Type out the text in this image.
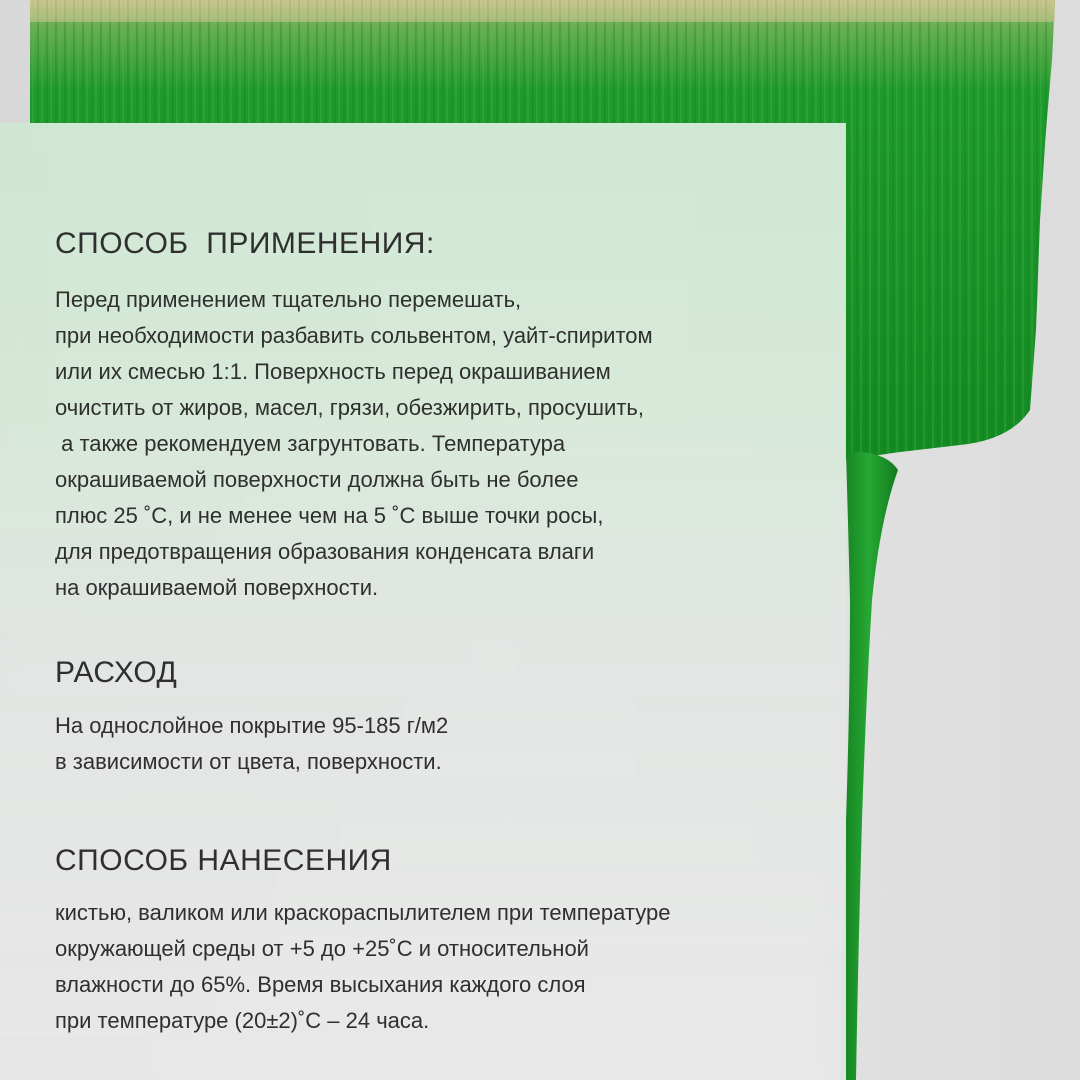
СПОСОБ  ПРИМЕНЕНИЯ:
Перед применением тщательно перемешать,
при необходимости разбавить сольвентом, уайт-спиритом
или их смесью 1:1. Поверхность перед окрашиванием
очистить от жиров, масел, грязи, обезжирить, просушить,
а также рекомендуем загрунтовать. Температура
окрашиваемой поверхности должна быть не более
плюс 25 ˚С, и не менее чем на 5 ˚С выше точки росы,
для предотвращения образования конденсата влаги
на окрашиваемой поверхности.
РАСХОД
На однослойное покрытие 95-185 г/м2
в зависимости от цвета, поверхности.
СПОСОБ НАНЕСЕНИЯ
кистью, валиком или краскораспылителем при температуре
окружающей среды от +5 до +25˚С и относительной
влажности до 65%. Время высыхания каждого слоя
при температуре (20±2)˚С – 24 часа.
